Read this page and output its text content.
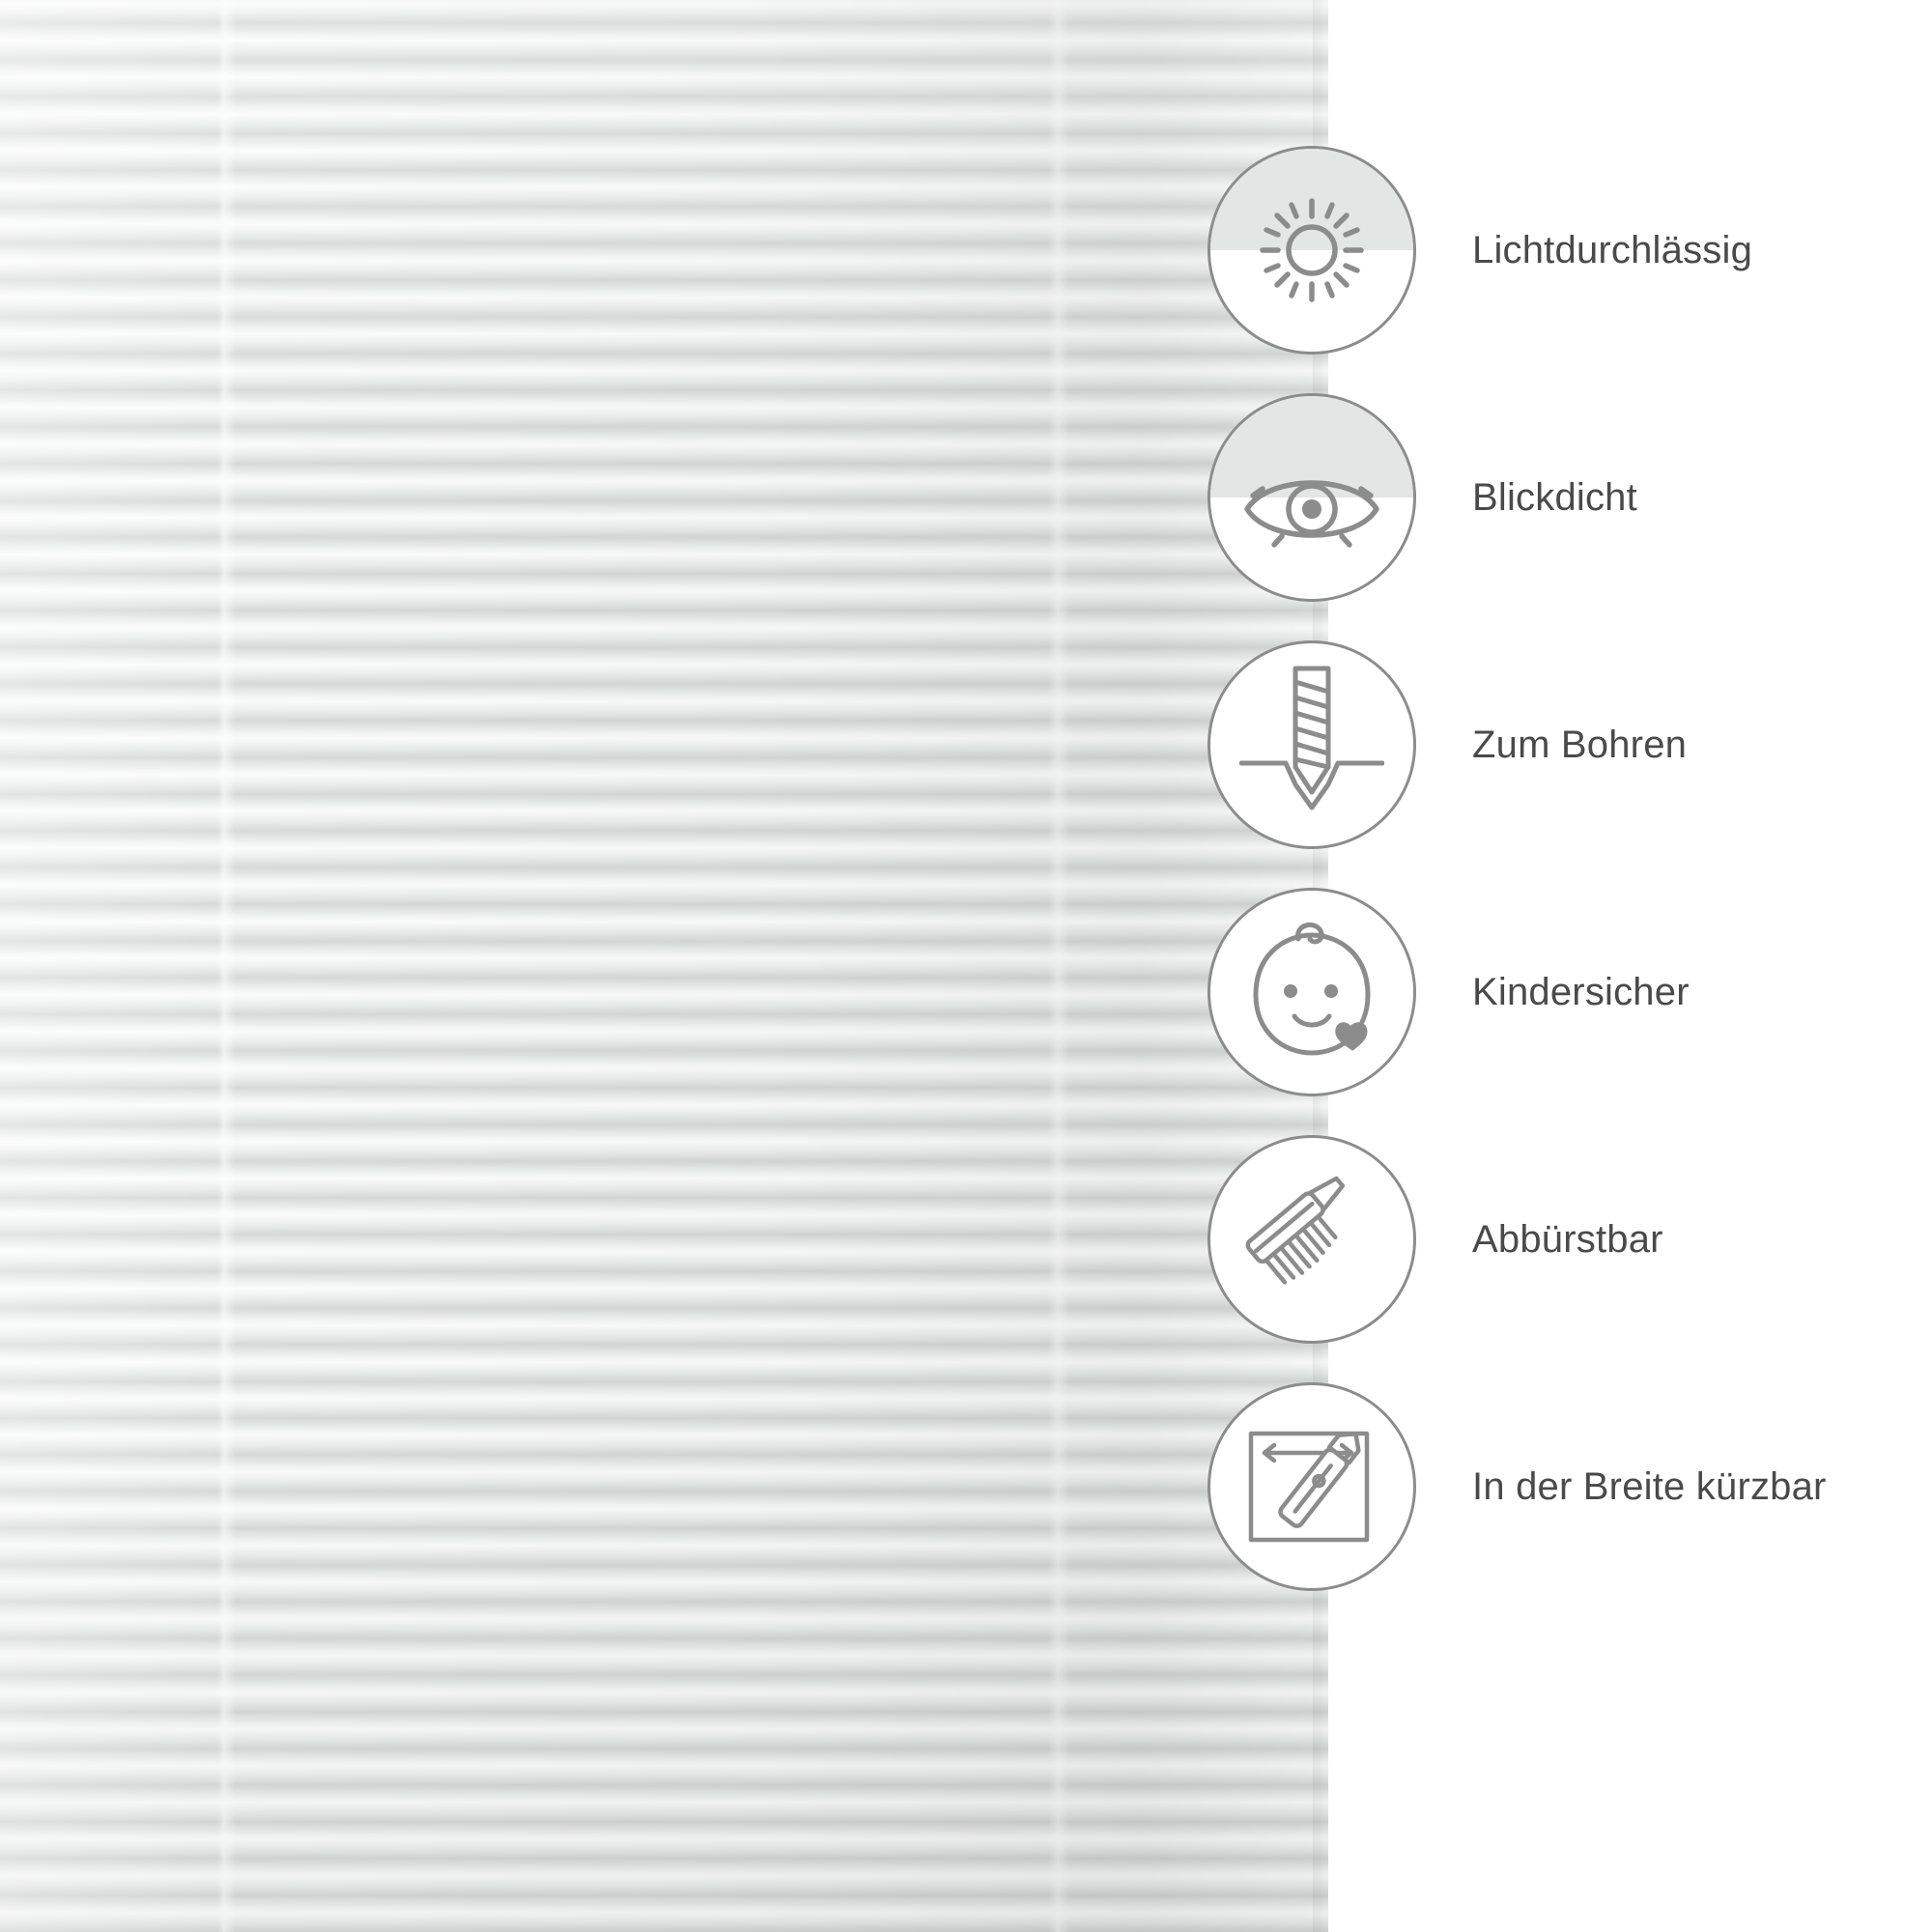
Lichtdurchlässig
Blickdicht
Zum Bohren
Kindersicher
Abbürstbar
In der Breite kürzbar
